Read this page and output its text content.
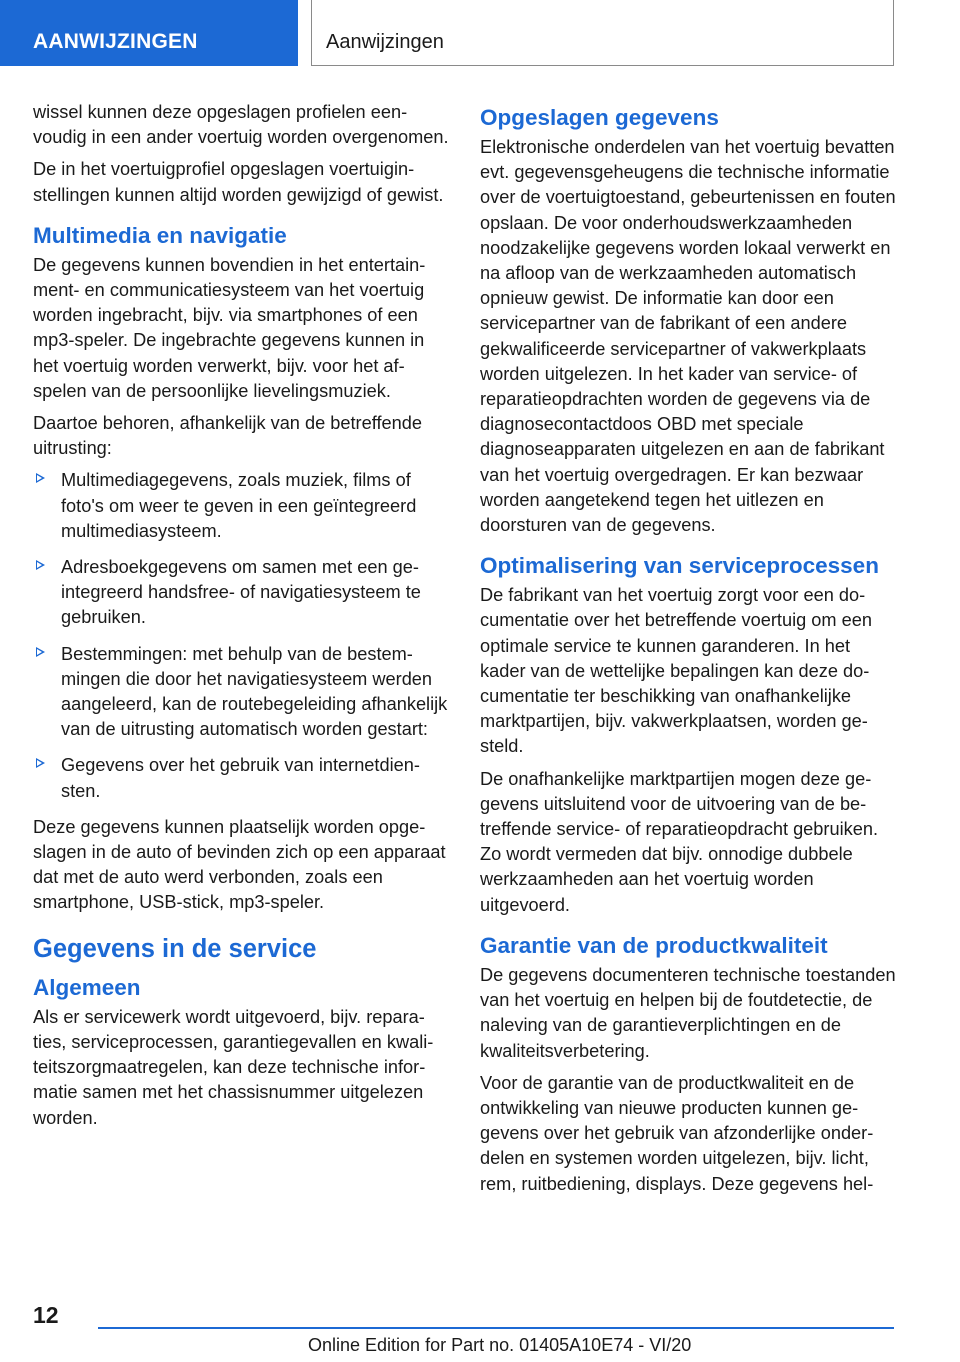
AANWIJZINGEN	Aanwijzingen

wissel kunnen deze opgeslagen profielen eenvoudig in een ander voertuig worden overgenomen.

De in het voertuigprofiel opgeslagen voertuiginstellingen kunnen altijd worden gewijzigd of gewist.

Multimedia en navigatie

De gegevens kunnen bovendien in het entertainment- en communicatiesysteem van het voertuig worden ingebracht, bijv. via smartphones of een mp3-speler. De ingebrachte gegevens kunnen in het voertuig worden verwerkt, bijv. voor het afspelen van de persoonlijke lievelingsmuziek.

Daartoe behoren, afhankelijk van de betreffende uitrusting:

Multimediagegevens, zoals muziek, films of foto's om weer te geven in een geïntegreerd multimediasysteem.
Adresboekgegevens om samen met een geintegreerd handsfree- of navigatiesysteem te gebruiken.
Bestemmingen: met behulp van de bestemmingen die door het navigatiesysteem werden aangeleerd, kan de routebegeleiding afhankelijk van de uitrusting automatisch worden gestart:
Gegevens over het gebruik van internetdiensten.

Deze gegevens kunnen plaatselijk worden opgeslagen in de auto of bevinden zich op een apparaat dat met de auto werd verbonden, zoals een smartphone, USB-stick, mp3-speler.

Gegevens in de service
Algemeen

Als er servicewerk wordt uitgevoerd, bijv. reparaties, serviceprocessen, garantiegevallen en kwaliteitszorgmaatregelen, kan deze technische informatie samen met het chassisnummer uitgelezen worden.

Opgeslagen gegevens

Elektronische onderdelen van het voertuig bevatten evt. gegevensgeheugens die technische informatie over de voertuigtoestand, gebeurtenissen en fouten opslaan. De voor onderhoudswerkzaamheden noodzakelijke gegevens worden lokaal verwerkt en na afloop van de werkzaamheden automatisch opnieuw gewist. De informatie kan door een servicepartner van de fabrikant of een andere gekwalificeerde servicepartner of vakwerkplaats worden uitgelezen. In het kader van service- of reparatieopdrachten worden de gegevens via de diagnosecontactdoos OBD met speciale diagnoseapparaten uitgelezen en aan de fabrikant van het voertuig overgedragen. Er kan bezwaar worden aangetekend tegen het uitlezen en doorsturen van de gegevens.

Optimalisering van serviceprocessen

De fabrikant van het voertuig zorgt voor een documentatie over het betreffende voertuig om een optimale service te kunnen garanderen. In het kader van de wettelijke bepalingen kan deze documentatie ter beschikking van onafhankelijke marktpartijen, bijv. vakwerkplaatsen, worden gesteld.

De onafhankelijke marktpartijen mogen deze gegevens uitsluitend voor de uitvoering van de betreffende service- of reparatieopdracht gebruiken. Zo wordt vermeden dat bijv. onnodige dubbele werkzaamheden aan het voertuig worden uitgevoerd.

Garantie van de productkwaliteit

De gegevens documenteren technische toestanden van het voertuig en helpen bij de foutdetectie, de naleving van de garantieverplichtingen en de kwaliteitsverbetering.

Voor de garantie van de productkwaliteit en de ontwikkeling van nieuwe producten kunnen gegevens over het gebruik van afzonderlijke onderdelen en systemen worden uitgelezen, bijv. licht, rem, ruitbediening, displays. Deze gegevens hel-

12
Online Edition for Part no. 01405A10E74 - VI/20
